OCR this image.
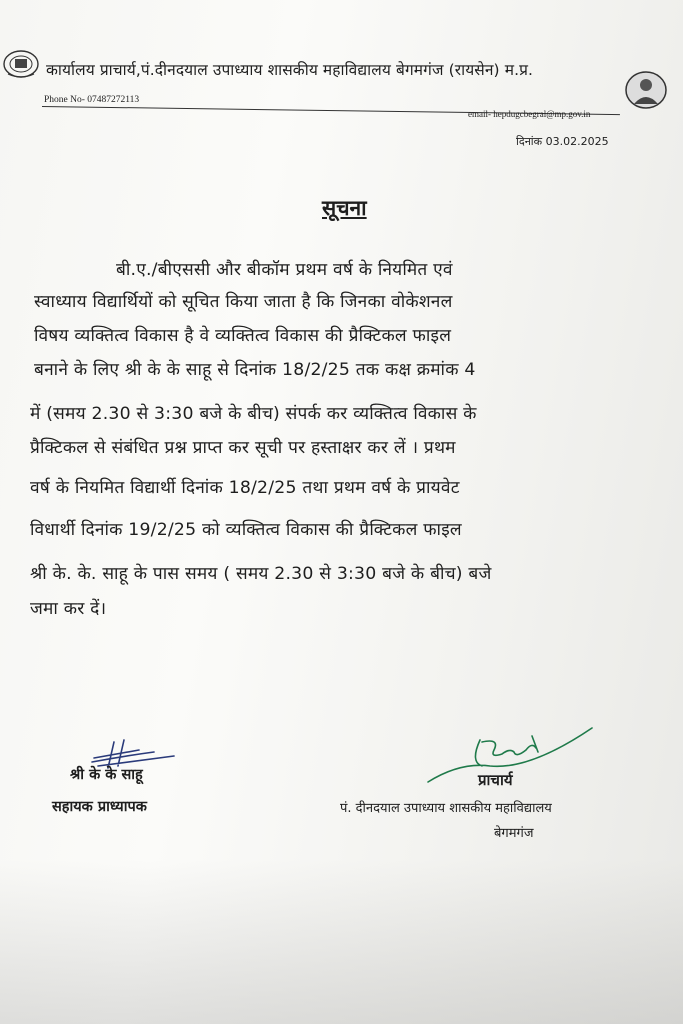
कार्यालय प्राचार्य,पं.दीनदयाल उपाध्याय शासकीय महाविद्यालय बेगमगंज (रायसेन) म.प्र.
Phone No- 07487272113
email- hepdugcbegral@mp.gov.in
दिनांक 03.02.2025
सूचना
बी.ए./बीएससी और बीकॉम प्रथम वर्ष के नियमित एवं
स्वाध्याय विद्यार्थियों को सूचित किया जाता है कि जिनका वोकेशनल
विषय व्यक्तित्व विकास है वे व्यक्तित्व विकास की प्रैक्टिकल फाइल
बनाने के लिए श्री के के साहू से दिनांक 18/2/25 तक कक्ष क्रमांक 4
में (समय 2.30 से 3:30 बजे के बीच) संपर्क कर व्यक्तित्व विकास के
प्रैक्टिकल से संबंधित प्रश्न प्राप्त कर सूची पर हस्ताक्षर कर लें । प्रथम
वर्ष के नियमित विद्यार्थी दिनांक 18/2/25 तथा प्रथम वर्ष के प्रायवेट
विधार्थी दिनांक 19/2/25 को व्यक्तित्व विकास की प्रैक्टिकल फाइल
श्री के. के. साहू के पास समय ( समय 2.30 से 3:30 बजे के बीच) बजे
जमा कर दें।
श्री के के साहू
सहायक प्राध्यापक
प्राचार्य
पं. दीनदयाल उपाध्याय शासकीय महाविद्यालय
बेगमगंज
